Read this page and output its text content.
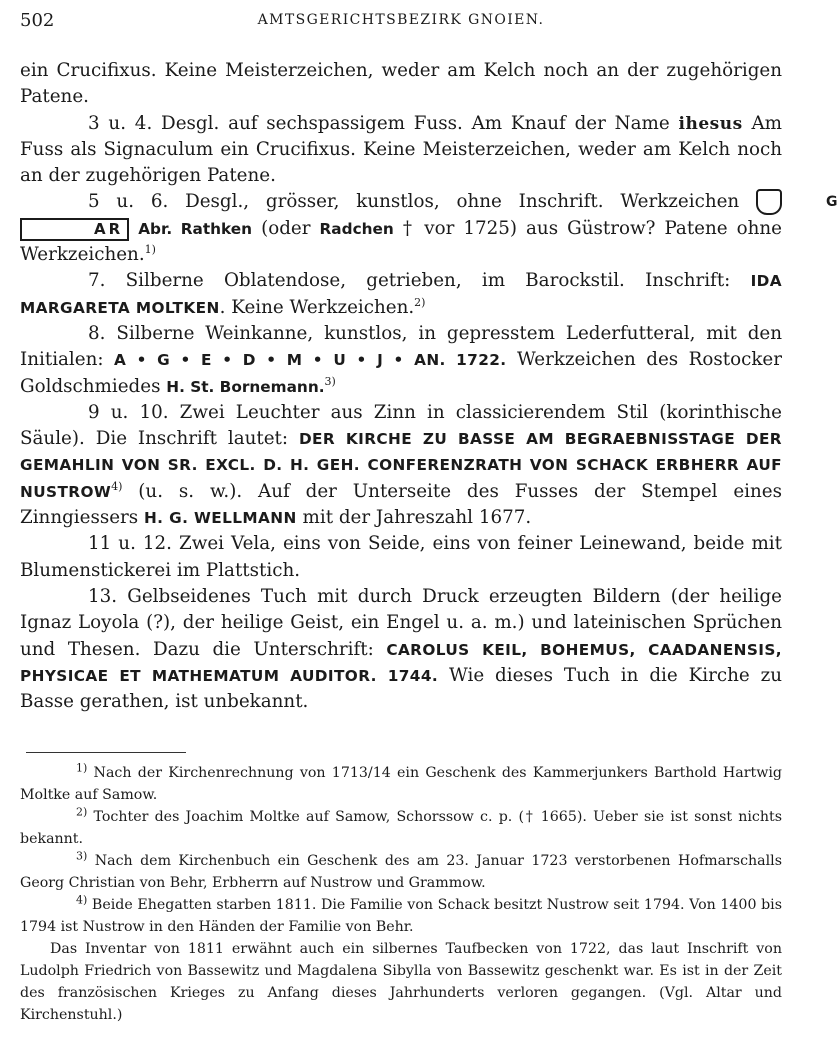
502	AMTSGERICHTSBEZIRK GNOIEN.

ein Crucifixus. Keine Meisterzeichen, weder am Kelch noch an der zugehörigen Patene.

3 u. 4. Desgl. auf sechspassigem Fuss. Am Knauf der Name ihesus Am Fuss als Signaculum ein Crucifixus. Keine Meisterzeichen, weder am Kelch noch an der zugehörigen Patene.

5 u. 6. Desgl., grösser, kunstlos, ohne Inschrift. Werkzeichen	G AR Abr. Rathken (oder Radchen † vor 1725) aus Güstrow? Patene ohne Werkzeichen.$^{1)}$

7. Silberne Oblatendose, getrieben, im Barockstil. Inschrift: IDA MARGARETA MOLTKEN. Keine Werkzeichen.$^{2)}$

8. Silberne Weinkanne, kunstlos, in gepresstem Lederfutteral, mit den Initialen: A • G • E • D • M • U • J • AN. 1722. Werkzeichen des Rostocker Goldschmiedes H. St. Bornemann.$^{3)}$

9 u. 10. Zwei Leuchter aus Zinn in classicierendem Stil (korinthische Säule). Die Inschrift lautet: DER KIRCHE ZU BASSE AM BEGRAEBNISSTAGE DER GEMAHLIN VON SR. EXCL. D. H. GEH. CONFERENZRATH VON SCHACK ERBHERR AUF NUSTROW$^{4)}$ (u. s. w.). Auf der Unterseite des Fusses der Stempel eines Zinngiessers H. G. WELLMANN mit der Jahreszahl 1677.

11 u. 12. Zwei Vela, eins von Seide, eins von feiner Leinewand, beide mit Blumenstickerei im Plattstich.

13. Gelbseidenes Tuch mit durch Druck erzeugten Bildern (der heilige Ignaz Loyola (?), der heilige Geist, ein Engel u. a. m.) und lateinischen Sprüchen und Thesen. Dazu die Unterschrift: CAROLUS KEIL, BOHEMUS, CAADANENSIS, PHYSICAE ET MATHEMATUM AUDITOR. 1744. Wie dieses Tuch in die Kirche zu Basse gerathen, ist unbekannt.

$^{1)}$ Nach der Kirchenrechnung von 1713/14 ein Geschenk des Kammerjunkers Barthold Hartwig Moltke auf Samow.

$^{2)}$ Tochter des Joachim Moltke auf Samow, Schorssow c. p. († 1665). Ueber sie ist sonst nichts bekannt.

$^{3)}$ Nach dem Kirchenbuch ein Geschenk des am 23. Januar 1723 verstorbenen Hofmarschalls Georg Christian von Behr, Erbherrn auf Nustrow und Grammow.

$^{4)}$ Beide Ehegatten starben 1811. Die Familie von Schack besitzt Nustrow seit 1794. Von 1400 bis 1794 ist Nustrow in den Händen der Familie von Behr.

Das Inventar von 1811 erwähnt auch ein silbernes Taufbecken von 1722, das laut Inschrift von Ludolph Friedrich von Bassewitz und Magdalena Sibylla von Bassewitz geschenkt war. Es ist in der Zeit des französischen Krieges zu Anfang dieses Jahrhunderts verloren gegangen. (Vgl. Altar und Kirchenstuhl.)
